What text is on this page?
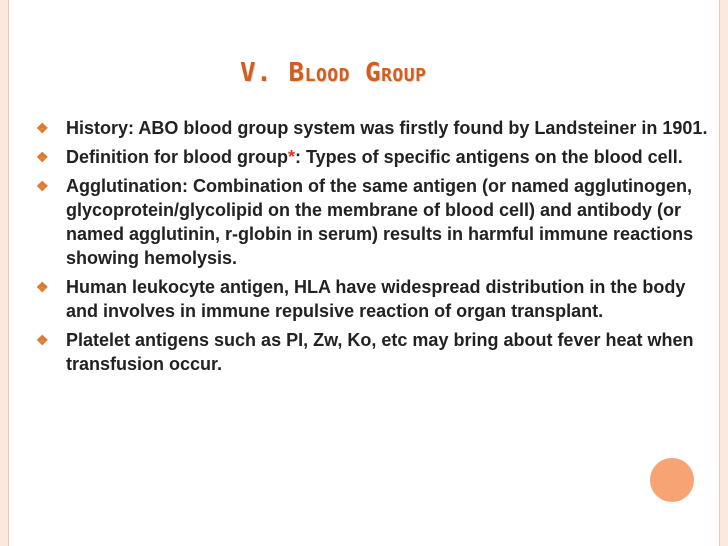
V. BLOOD GROUP
❖ History: ABO blood group system was firstly found by Landsteiner in 1901.
❖ Definition for blood group*: Types of specific antigens on the blood cell.
❖ Agglutination: Combination of the same antigen (or named agglutinogen, glycoprotein/glycolipid on the membrane of blood cell) and antibody (or named agglutinin, r-globin in serum) results in harmful immune reactions showing hemolysis.
❖ Human leukocyte antigen, HLA have widespread distribution in the body and involves in immune repulsive reaction of organ transplant.
❖ Platelet antigens such as PI, Zw, Ko, etc may bring about fever heat when transfusion occur.
